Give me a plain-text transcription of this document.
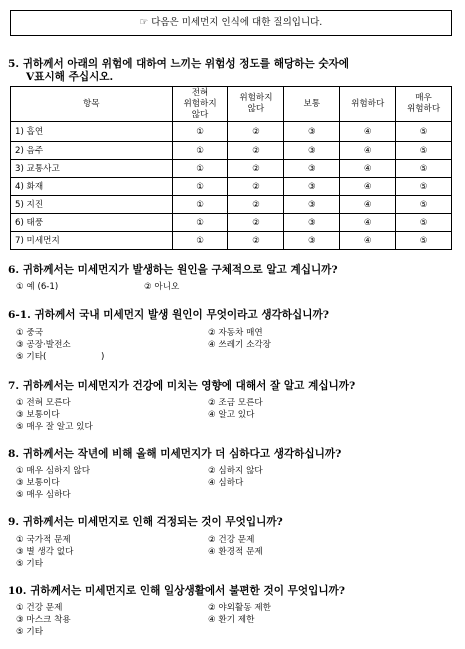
☞ 다음은 미세먼지 인식에 대한 질의입니다.
5. 귀하께서 아래의 위험에 대하여 느끼는 위험성 정도를 해당하는 숫자에
V표시해 주십시오.
항목	전혀
위험하지
않다	위험하지
않다	보통	위험하다	매우
위험하다
1) 흡연	①	②	③	④	⑤
2) 음주	①	②	③	④	⑤
3) 교통사고	①	②	③	④	⑤
4) 화재	①	②	③	④	⑤
5) 지진	①	②	③	④	⑤
6) 태풍	①	②	③	④	⑤
7) 미세먼지	①	②	③	④	⑤
6. 귀하께서는 미세먼지가 발생하는 원인을 구체적으로 알고 계십니까?
① 예 (6-1)	② 아니오
6-1. 귀하께서 국내 미세먼지 발생 원인이 무엇이라고 생각하십니까?
① 중국	② 자동차 매연
③ 공장·발전소	④ 쓰레기 소각장
⑤ 기타(                    )
7. 귀하께서는 미세먼지가 건강에 미치는 영향에 대해서 잘 알고 계십니까?
① 전혀 모른다	② 조금 모른다
③ 보통이다	④ 알고 있다
⑤ 매우 잘 알고 있다
8. 귀하께서는 작년에 비해 올해 미세먼지가 더 심하다고 생각하십니까?
① 매우 심하지 않다	② 심하지 않다
③ 보통이다	④ 심하다
⑤ 매우 심하다
9. 귀하께서는 미세먼지로 인해 걱정되는 것이 무엇입니까?
① 국가적 문제	② 건강 문제
③ 별 생각 없다	④ 환경적 문제
⑤ 기타
10. 귀하께서는 미세먼지로 인해 일상생활에서 불편한 것이 무엇입니까?
① 건강 문제	② 야외활동 제한
③ 마스크 착용	④ 환기 제한
⑤ 기타
